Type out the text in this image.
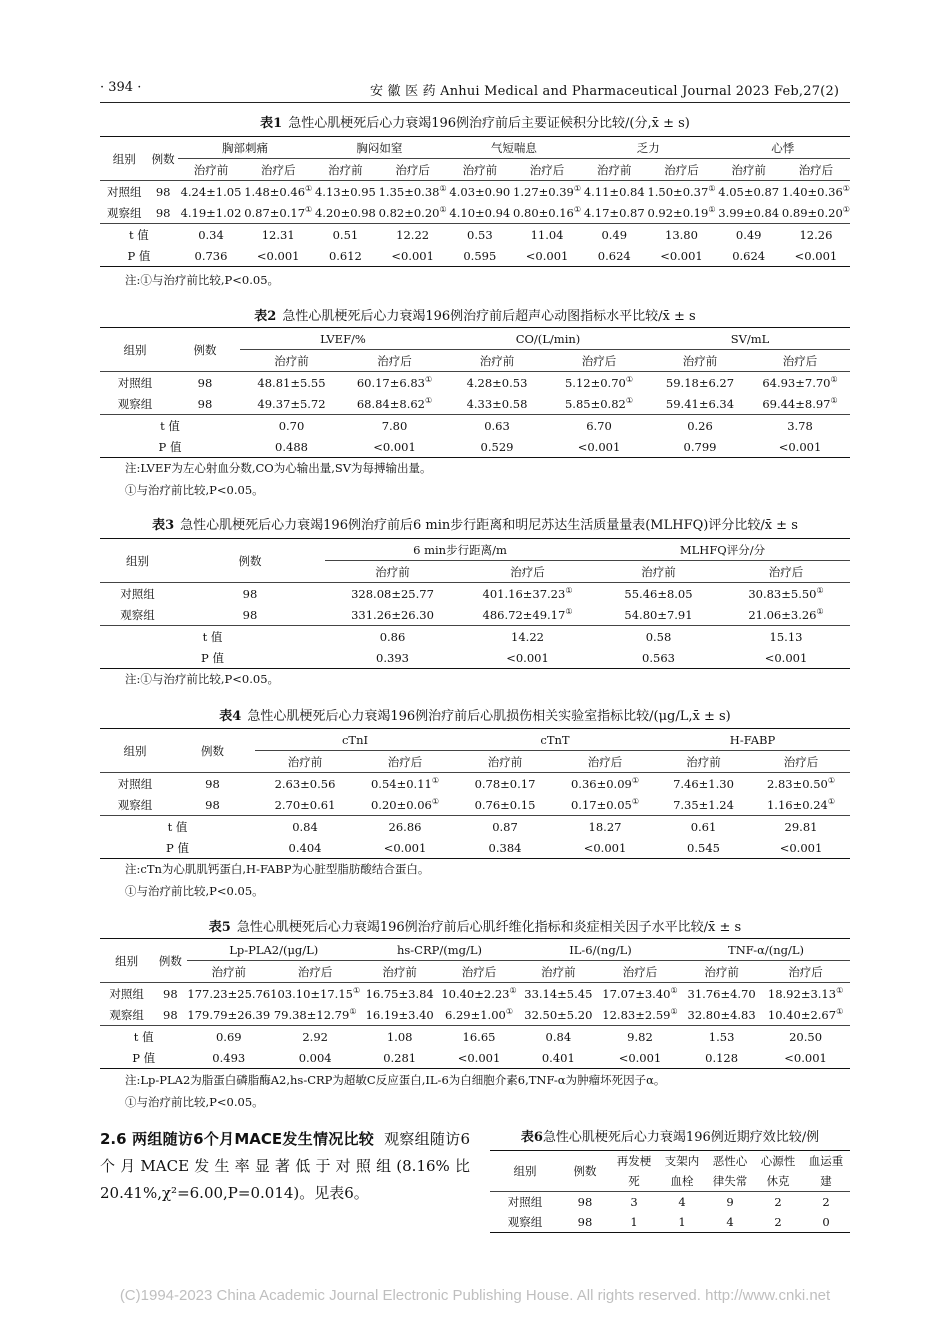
· 394 ·	安 徽 医 药 Anhui Medical and Pharmaceutical Journal 2023 Feb,27(2)
表1 急性心肌梗死后心力衰竭196例治疗前后主要证候积分比较/(分,x̄ ± s)
组别	例数	胸部刺痛		胸闷如窒		气短喘息		乏力		心悸	
		治疗前	治疗后	治疗前	治疗后	治疗前	治疗后	治疗前	治疗后	治疗前	治疗后
对照组	98	4.24±1.05	1.48±0.46①	4.13±0.95	1.35±0.38①	4.03±0.90	1.27±0.39①	4.11±0.84	1.50±0.37①	4.05±0.87	1.40±0.36①
观察组	98	4.19±1.02	0.87±0.17①	4.20±0.98	0.82±0.20①	4.10±0.94	0.80±0.16①	4.17±0.87	0.92±0.19①	3.99±0.84	0.89±0.20①
t 值		0.34	12.31	0.51	12.22	0.53	11.04	0.49	13.80	0.49	12.26
P 值		0.736	<0.001	0.612	<0.001	0.595	<0.001	0.624	<0.001	0.624	<0.001
注:①与治疗前比较,P<0.05。
表2 急性心肌梗死后心力衰竭196例治疗前后超声心动图指标水平比较/x̄ ± s
组别	例数	LVEF/%		CO/(L/min)		SV/mL	
		治疗前	治疗后	治疗前	治疗后	治疗前	治疗后
对照组	98	48.81±5.55	60.17±6.83①	4.28±0.53	5.12±0.70①	59.18±6.27	64.93±7.70①
观察组	98	49.37±5.72	68.84±8.62①	4.33±0.58	5.85±0.82①	59.41±6.34	69.44±8.97①
t 值		0.70	7.80	0.63	6.70	0.26	3.78
P 值		0.488	<0.001	0.529	<0.001	0.799	<0.001
注:LVEF为左心射血分数,CO为心输出量,SV为每搏输出量。
①与治疗前比较,P<0.05。
表3 急性心肌梗死后心力衰竭196例治疗前后6 min步行距离和明尼苏达生活质量量表(MLHFQ)评分比较/x̄ ± s
组别	例数	6 min步行距离/m		MLHFQ评分/分	
		治疗前	治疗后	治疗前	治疗后
对照组	98	328.08±25.77	401.16±37.23①	55.46±8.05	30.83±5.50①
观察组	98	331.26±26.30	486.72±49.17①	54.80±7.91	21.06±3.26①
t 值		0.86	14.22	0.58	15.13
P 值		0.393	<0.001	0.563	<0.001
注:①与治疗前比较,P<0.05。
表4 急性心肌梗死后心力衰竭196例治疗前后心肌损伤相关实验室指标比较/(μg/L,x̄ ± s)
组别	例数	cTnI		cTnT		H-FABP	
		治疗前	治疗后	治疗前	治疗后	治疗前	治疗后
对照组	98	2.63±0.56	0.54±0.11①	0.78±0.17	0.36±0.09①	7.46±1.30	2.83±0.50①
观察组	98	2.70±0.61	0.20±0.06①	0.76±0.15	0.17±0.05①	7.35±1.24	1.16±0.24①
t 值		0.84	26.86	0.87	18.27	0.61	29.81
P 值		0.404	<0.001	0.384	<0.001	0.545	<0.001
注:cTn为心肌肌钙蛋白,H-FABP为心脏型脂肪酸结合蛋白。
①与治疗前比较,P<0.05。
表5 急性心肌梗死后心力衰竭196例治疗前后心肌纤维化指标和炎症相关因子水平比较/x̄ ± s
组别	例数	Lp-PLA2/(μg/L)		hs-CRP/(mg/L)		IL-6/(ng/L)		TNF-α/(ng/L)	
		治疗前	治疗后	治疗前	治疗后	治疗前	治疗后	治疗前	治疗后
对照组	98	177.23±25.76	103.10±17.15①	16.75±3.84	10.40±2.23①	33.14±5.45	17.07±3.40①	31.76±4.70	18.92±3.13①
观察组	98	179.79±26.39	79.38±12.79①	16.19±3.40	6.29±1.00①	32.50±5.20	12.83±2.59①	32.80±4.83	10.40±2.67①
t 值		0.69	2.92	1.08	16.65	0.84	9.82	1.53	20.50
P 值		0.493	0.004	0.281	<0.001	0.401	<0.001	0.128	<0.001
注:Lp-PLA2为脂蛋白磷脂酶A2,hs-CRP为超敏C反应蛋白,IL-6为白细胞介素6,TNF-α为肿瘤坏死因子α。
①与治疗前比较,P<0.05。
2.6 两组随访6个月MACE发生情况比较 观察组随访6个月MACE发生率显著低于对照组(8.16%比20.41%,χ²=6.00,P=0.014)。见表6。
表6急性心肌梗死后心力衰竭196例近期疗效比较/例
组别	例数	再发梗	支架内	恶性心	心源性	血运重
		死	血栓	律失常	休克	建
对照组	98	3	4	9	2	2
观察组	98	1	1	4	2	0
(C)1994-2023 China Academic Journal Electronic Publishing House. All rights reserved. http://www.cnki.net
